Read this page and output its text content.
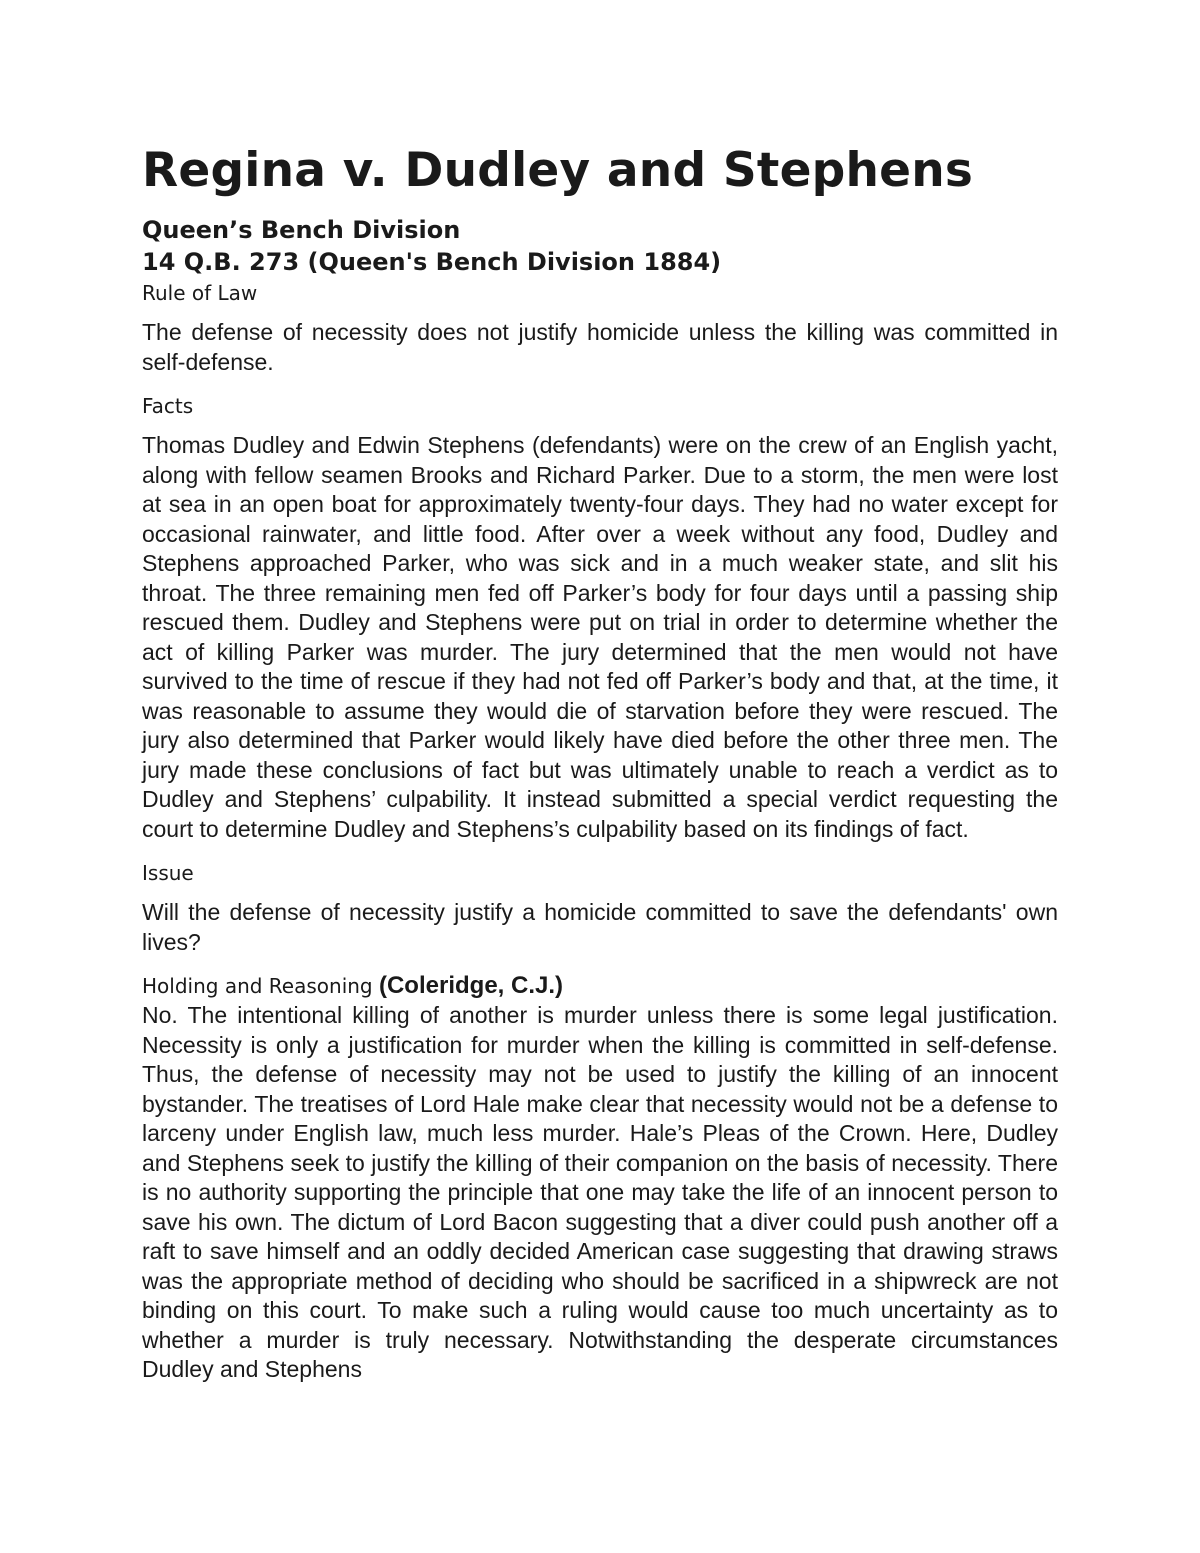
Regina v. Dudley and Stephens
Queen’s Bench Division
14 Q.B. 273 (Queen's Bench Division 1884)
Rule of Law

The defense of necessity does not justify homicide unless the killing was committed in self-defense.

Facts

Thomas Dudley and Edwin Stephens (defendants) were on the crew of an English yacht, along with fellow seamen Brooks and Richard Parker. Due to a storm, the men were lost at sea in an open boat for approximately twenty-four days. They had no water except for occasional rainwater, and little food. After over a week without any food, Dudley and Stephens approached Parker, who was sick and in a much weaker state, and slit his throat. The three remaining men fed off Parker’s body for four days until a passing ship rescued them. Dudley and Stephens were put on trial in order to determine whether the act of killing Parker was murder. The jury determined that the men would not have survived to the time of rescue if they had not fed off Parker’s body and that, at the time, it was reasonable to assume they would die of starvation before they were rescued. The jury also determined that Parker would likely have died before the other three men. The jury made these conclusions of fact but was ultimately unable to reach a verdict as to Dudley and Stephens’ culpability. It instead submitted a special verdict requesting the court to determine Dudley and Stephens’s culpability based on its findings of fact.

Issue

Will the defense of necessity justify a homicide committed to save the defendants' own lives?

Holding and Reasoning (Coleridge, C.J.)

No. The intentional killing of another is murder unless there is some legal justification. Necessity is only a justification for murder when the killing is committed in self-defense. Thus, the defense of necessity may not be used to justify the killing of an innocent bystander. The treatises of Lord Hale make clear that necessity would not be a defense to larceny under English law, much less murder. Hale’s Pleas of the Crown. Here, Dudley and Stephens seek to justify the killing of their companion on the basis of necessity. There is no authority supporting the principle that one may take the life of an innocent person to save his own. The dictum of Lord Bacon suggesting that a diver could push another off a raft to save himself and an oddly decided American case suggesting that drawing straws was the appropriate method of deciding who should be sacrificed in a shipwreck are not binding on this court. To make such a ruling would cause too much uncertainty as to whether a murder is truly necessary. Notwithstanding the desperate circumstances Dudley and Stephens
